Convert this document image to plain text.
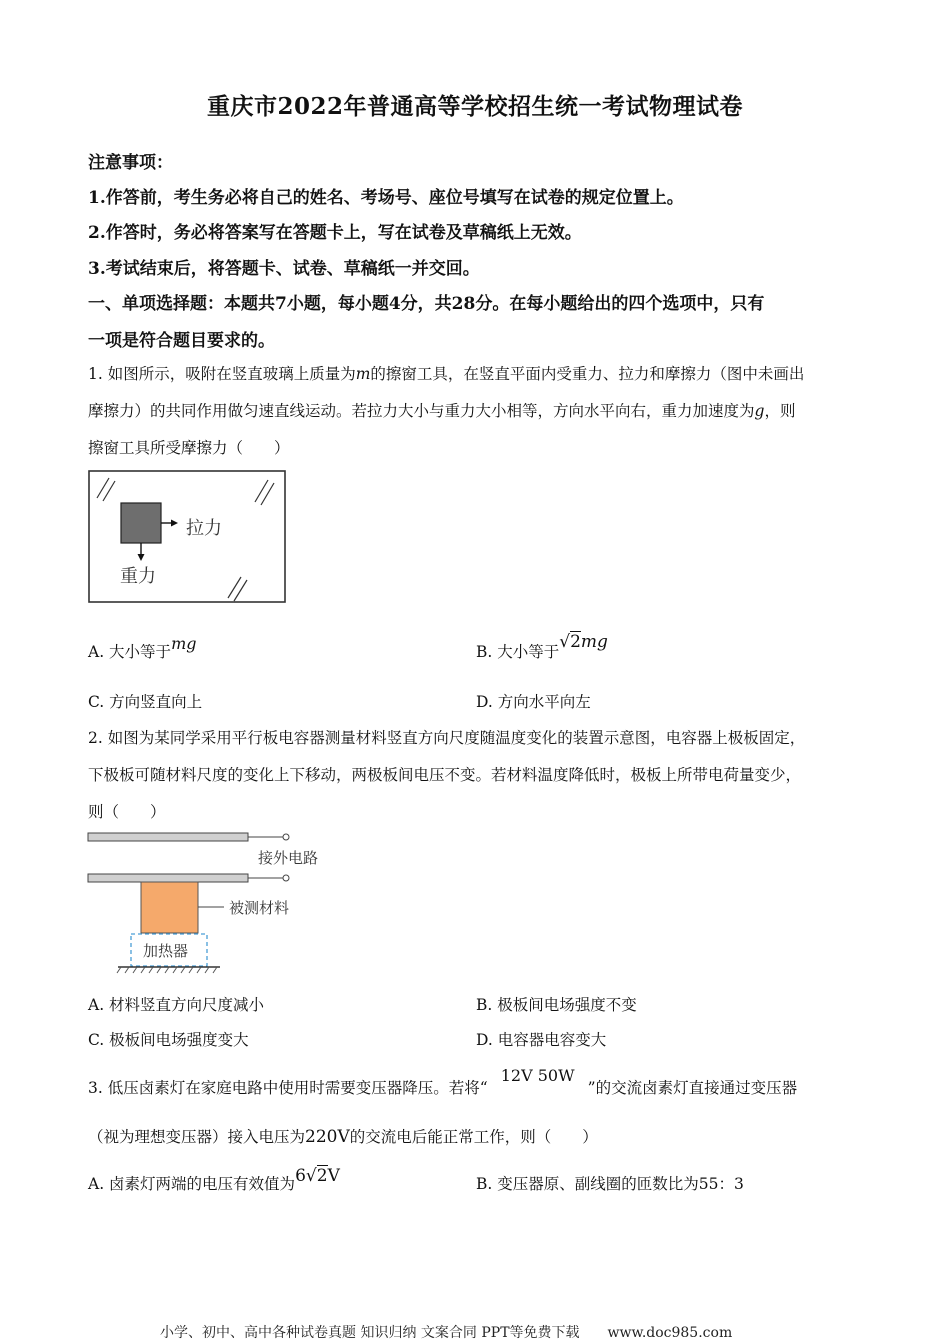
重庆市2022年普通高等学校招生统一考试物理试卷
注意事项：
1.作答前，考生务必将自己的姓名、考场号、座位号填写在试卷的规定位置上。
2.作答时，务必将答案写在答题卡上，写在试卷及草稿纸上无效。
3.考试结束后，将答题卡、试卷、草稿纸一并交回。
一、单项选择题：本题共7小题，每小题4分，共28分。在每小题给出的四个选项中，只有
一项是符合题目要求的。
1. 如图所示，吸附在竖直玻璃上质量为m的擦窗工具，在竖直平面内受重力、拉力和摩擦力（图中未画出
摩擦力）的共同作用做匀速直线运动。若拉力大小与重力大小相等，方向水平向右，重力加速度为g，则
擦窗工具所受摩擦力（　　）
拉力
重力
A. 大小等于mg	B. 大小等于√2mg
C. 方向竖直向上	D. 方向水平向左
2. 如图为某同学采用平行板电容器测量材料竖直方向尺度随温度变化的装置示意图，电容器上极板固定，
下极板可随材料尺度的变化上下移动，两极板间电压不变。若材料温度降低时，极板上所带电荷量变少，
则（　　）
接外电路
被测材料
加热器
A. 材料竖直方向尺度减小	B. 极板间电场强度不变
C. 极板间电场强度变大	D. 电容器电容变大
3. 低压卤素灯在家庭电路中使用时需要变压器降压。若将“12V 50W”的交流卤素灯直接通过变压器
（视为理想变压器）接入电压为220V的交流电后能正常工作，则（　　）
A. 卤素灯两端的电压有效值为6√2V	B. 变压器原、副线圈的匝数比为55：3
小学、初中、高中各种试卷真题 知识归纳 文案合同 PPT等免费下载　　www.doc985.com
